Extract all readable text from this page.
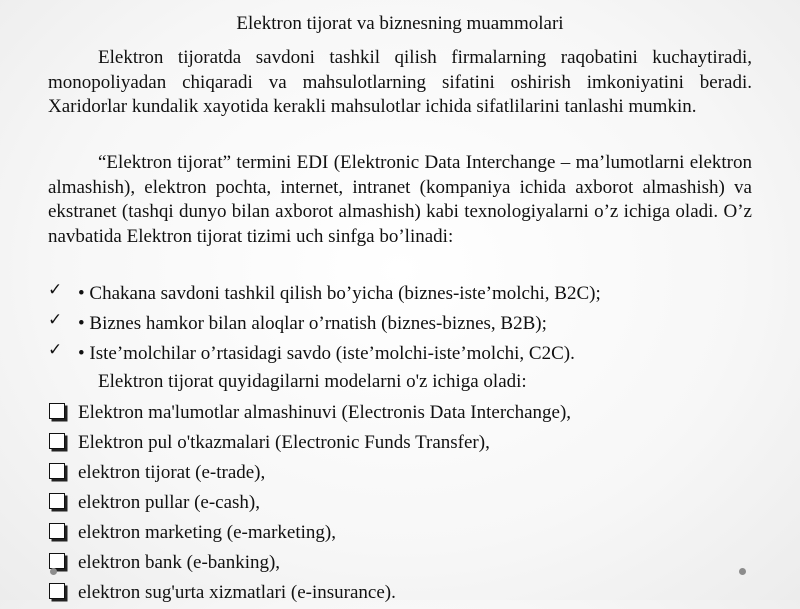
Elektron tijorat va biznesning muammolari

Elektron tijoratda savdoni tashkil qilish firmalarning raqobatini kuchaytiradi, monopoliyadan chiqaradi va mahsulotlarning sifatini oshirish imkoniyatini beradi. Xaridorlar kundalik xayotida kerakli mahsulotlar ichida sifatlilarini tanlashi mumkin.

“Elektron tijorat” termini EDI (Elektronic Data Interchange – ma’lumotlarni elektron almashish), elektron pochta, internet, intranet (kompaniya ichida axborot almashish) va ekstranet (tashqi dunyo bilan axborot almashish) kabi texnologiyalarni o’z ichiga oladi. O’z navbatida Elektron tijorat tizimi uch sinfga bo’linadi:

✓ • Chakana savdoni tashkil qilish bo’yicha (biznes-iste’molchi, B2C);
✓ • Biznes hamkor bilan aloqlar o’rnatish (biznes-biznes, B2B);
✓ • Iste’molchilar o’rtasidagi savdo (iste’molchi-iste’molchi, C2C).
Elektron tijorat quyidagilarni modelarni o'z ichiga oladi:
Elektron ma'lumotlar almashinuvi (Electronis Data Interchange),
Elektron pul o'tkazmalari (Electronic Funds Transfer),
elektron tijorat (e-trade),
elektron pullar (e-cash),
elektron marketing (e-marketing),
elektron bank (e-banking),
elektron sug'urta xizmatlari (e-insurance).
